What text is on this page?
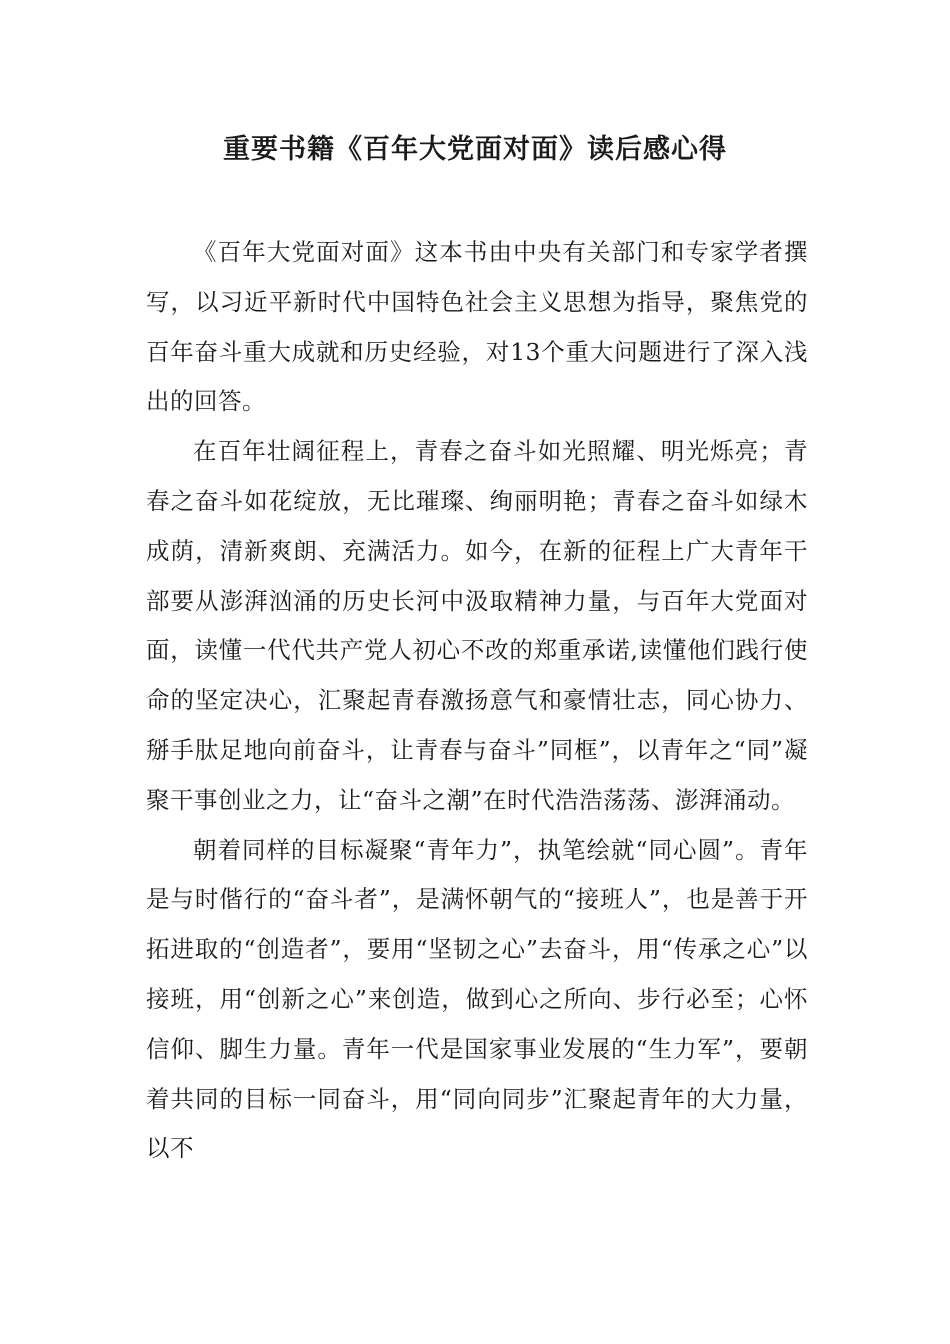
重要书籍《百年大党面对面》读后感心得

《百年大党面对面》这本书由中央有关部门和专家学者撰写，以习近平新时代中国特色社会主义思想为指导，聚焦党的百年奋斗重大成就和历史经验，对13个重大问题进行了深入浅出的回答。

在百年壮阔征程上，青春之奋斗如光照耀、明光烁亮；青春之奋斗如花绽放，无比璀璨、绚丽明艳；青春之奋斗如绿木成荫，清新爽朗、充满活力。如今，在新的征程上广大青年干部要从澎湃汹涌的历史长河中汲取精神力量，与百年大党面对面，读懂一代代共产党人初心不改的郑重承诺,读懂他们践行使命的坚定决心，汇聚起青春激扬意气和豪情壮志，同心协力、掰手肽足地向前奋斗，让青春与奋斗”同框”，以青年之“同”凝聚干事创业之力，让“奋斗之潮”在时代浩浩荡荡、澎湃涌动。

朝着同样的目标凝聚“青年力”，执笔绘就“同心圆”。青年是与时偕行的“奋斗者”，是满怀朝气的“接班人”，也是善于开拓进取的“创造者”，要用“坚韧之心”去奋斗，用“传承之心”以接班，用“创新之心”来创造，做到心之所向、步行必至；心怀信仰、脚生力量。青年一代是国家事业发展的“生力军”，要朝着共同的目标一同奋斗，用“同向同步”汇聚起青年的大力量，以不
